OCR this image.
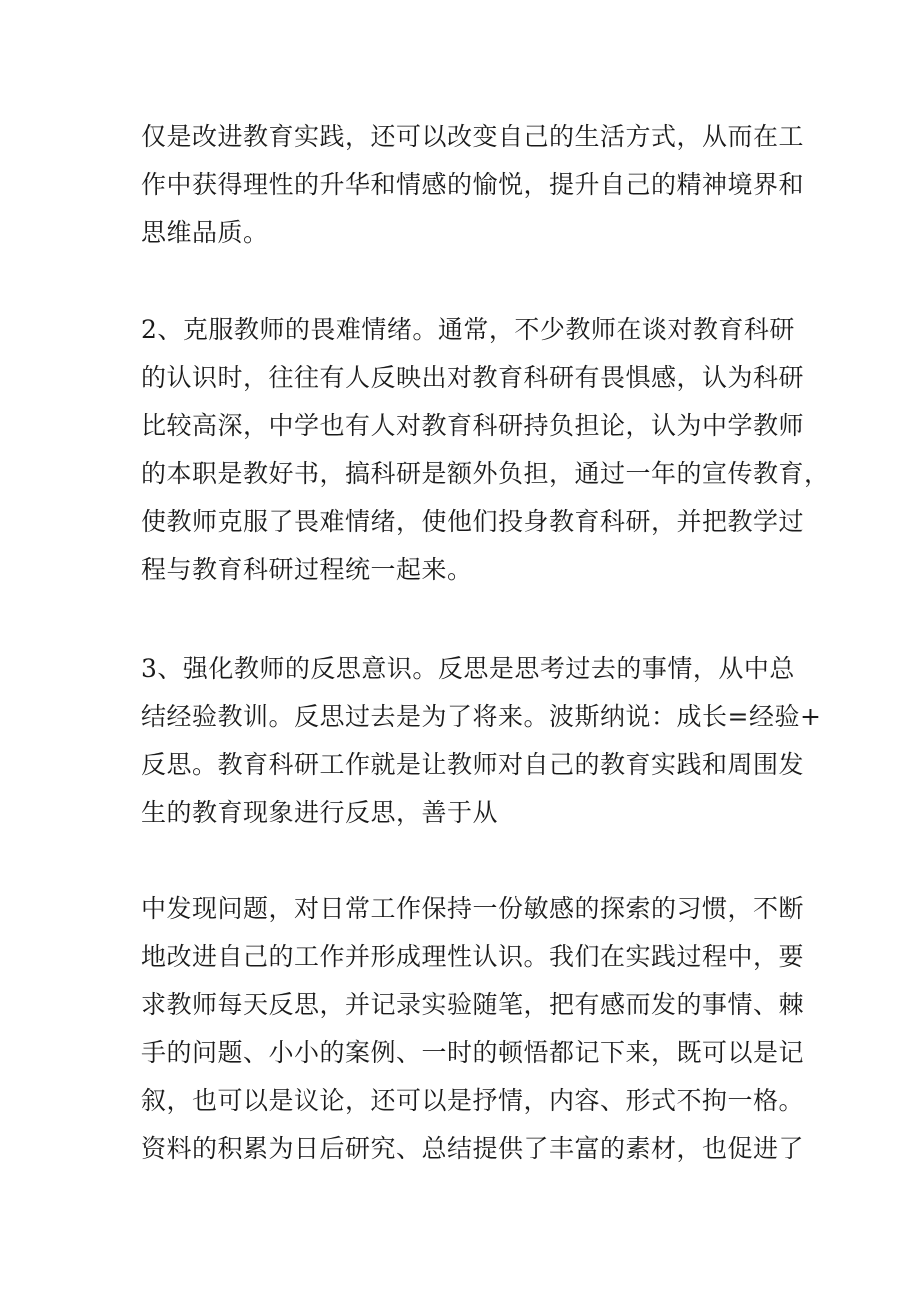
仅是改进教育实践，还可以改变自己的生活方式，从而在工
作中获得理性的升华和情感的愉悦，提升自己的精神境界和
思维品质。

2、克服教师的畏难情绪。通常，不少教师在谈对教育科研
的认识时，往往有人反映出对教育科研有畏惧感，认为科研
比较高深，中学也有人对教育科研持负担论，认为中学教师
的本职是教好书，搞科研是额外负担，通过一年的宣传教育，
使教师克服了畏难情绪，使他们投身教育科研，并把教学过
程与教育科研过程统一起来。

3、强化教师的反思意识。反思是思考过去的事情，从中总
结经验教训。反思过去是为了将来。波斯纳说：成长=经验+
反思。教育科研工作就是让教师对自己的教育实践和周围发
生的教育现象进行反思，善于从

中发现问题，对日常工作保持一份敏感的探索的习惯，不断
地改进自己的工作并形成理性认识。我们在实践过程中，要
求教师每天反思，并记录实验随笔，把有感而发的事情、棘
手的问题、小小的案例、一时的顿悟都记下来，既可以是记
叙，也可以是议论，还可以是抒情，内容、形式不拘一格。
资料的积累为日后研究、总结提供了丰富的素材，也促进了
